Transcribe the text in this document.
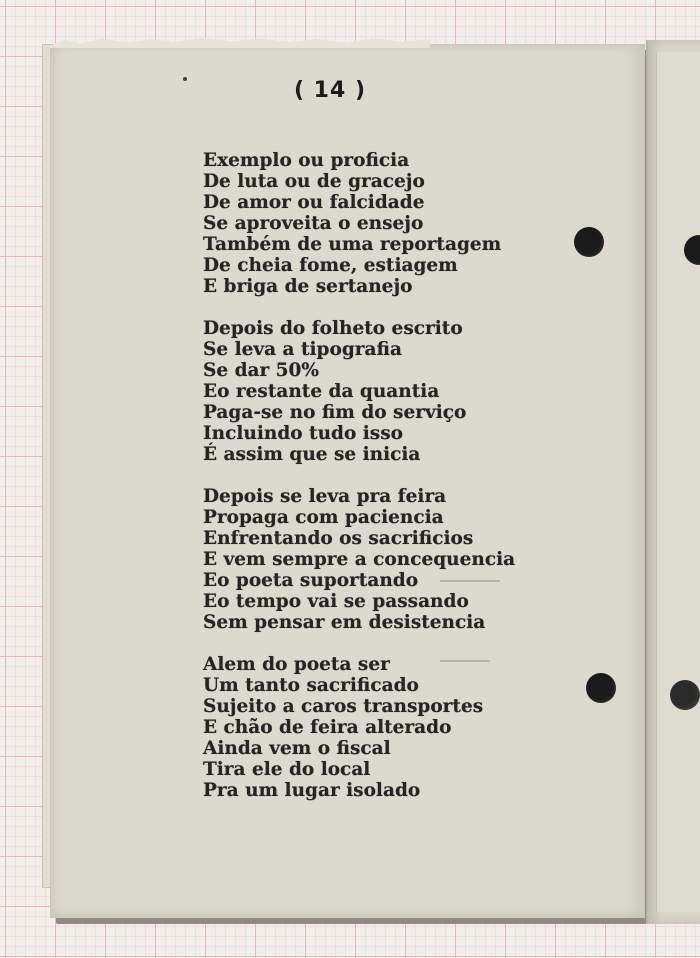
( 14 )
Exemplo ou proficia
De luta ou de gracejo
De amor ou falcidade
Se aproveita o ensejo
Também de uma reportagem
De cheia fome, estiagem
E briga de sertanejo
Depois do folheto escrito
Se leva a tipografia
Se dar 50%
Eo restante da quantia
Paga-se no fim do serviço
Incluindo tudo isso
É assim que se inicia
Depois se leva pra feira
Propaga com paciencia
Enfrentando os sacrificios
E vem sempre a concequencia
Eo poeta suportando
Eo tempo vai se passando
Sem pensar em desistencia
Alem do poeta ser
Um tanto sacrificado
Sujeito a caros transportes
E chão de feira alterado
Ainda vem o fiscal
Tira ele do local
Pra um lugar isolado
